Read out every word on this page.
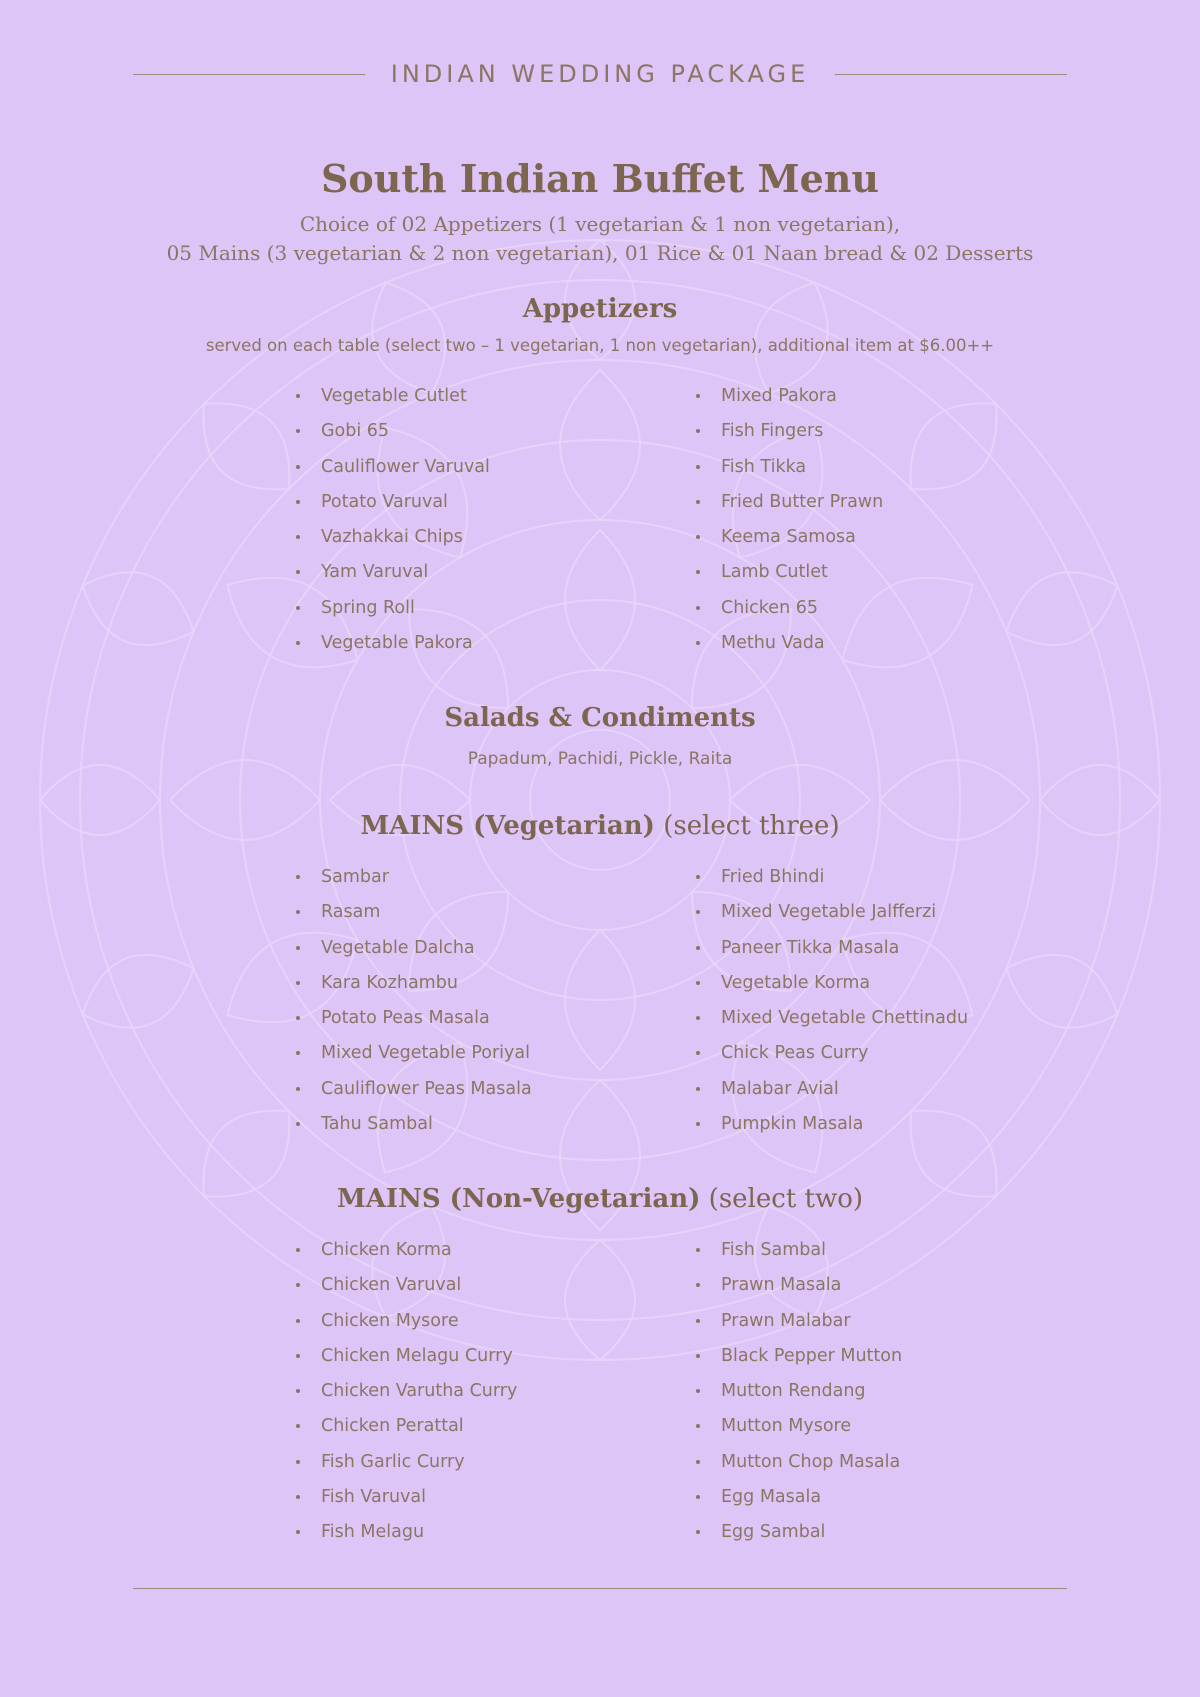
INDIAN WEDDING PACKAGE
South Indian Buffet Menu
Choice of 02 Appetizers (1 vegetarian & 1 non vegetarian),
05 Mains (3 vegetarian & 2 non vegetarian), 01 Rice & 01 Naan bread & 02 Desserts
Appetizers
served on each table (select two – 1 vegetarian, 1 non vegetarian), additional item at $6.00++
Vegetable Cutlet
Gobi 65
Cauliflower Varuval
Potato Varuval
Vazhakkai Chips
Yam Varuval
Spring Roll
Vegetable Pakora
Mixed Pakora
Fish Fingers
Fish Tikka
Fried Butter Prawn
Keema Samosa
Lamb Cutlet
Chicken 65
Methu Vada
Salads & Condiments
Papadum, Pachidi, Pickle, Raita
MAINS (Vegetarian) (select three)
Sambar
Rasam
Vegetable Dalcha
Kara Kozhambu
Potato Peas Masala
Mixed Vegetable Poriyal
Cauliflower Peas Masala
Tahu Sambal
Fried Bhindi
Mixed Vegetable Jalfferzi
Paneer Tikka Masala
Vegetable Korma
Mixed Vegetable Chettinadu
Chick Peas Curry
Malabar Avial
Pumpkin Masala
MAINS (Non-Vegetarian) (select two)
Chicken Korma
Chicken Varuval
Chicken Mysore
Chicken Melagu Curry
Chicken Varutha Curry
Chicken Perattal
Fish Garlic Curry
Fish Varuval
Fish Melagu
Fish Sambal
Prawn Masala
Prawn Malabar
Black Pepper Mutton
Mutton Rendang
Mutton Mysore
Mutton Chop Masala
Egg Masala
Egg Sambal
